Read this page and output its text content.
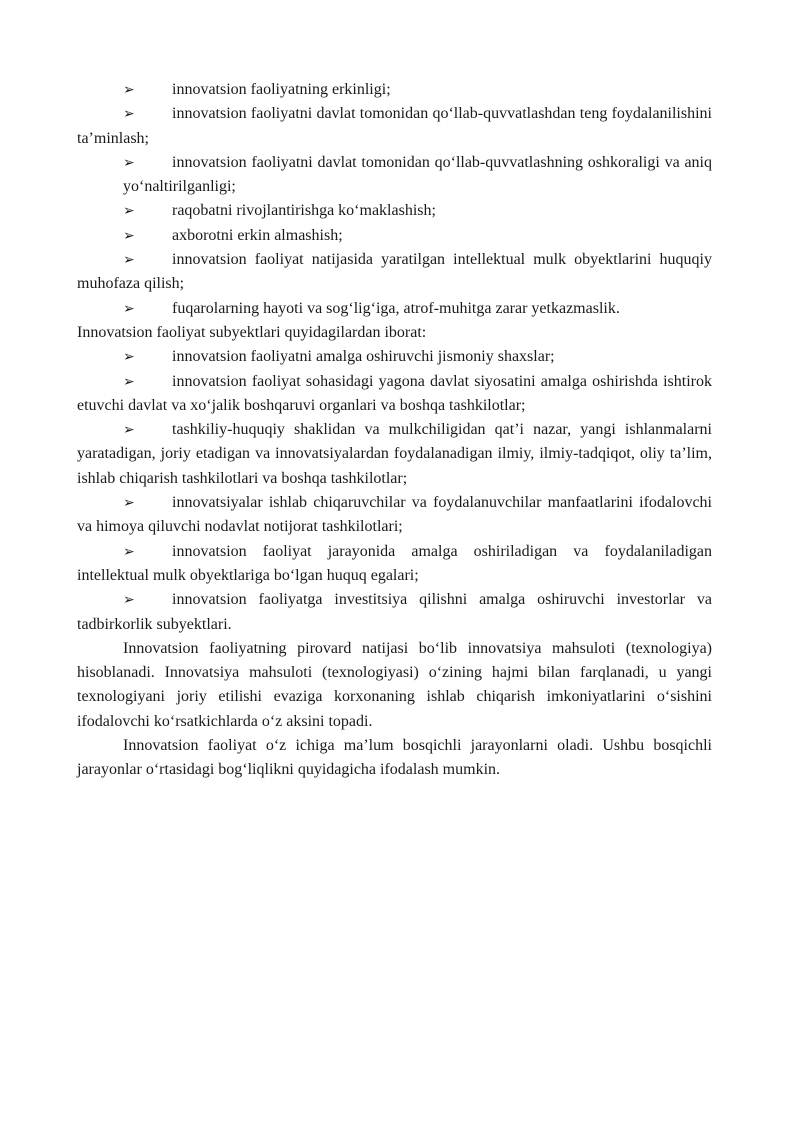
➢ innovatsion faoliyatning erkinligi;

➢ innovatsion faoliyatni davlat tomonidan qo‘llab-quvvatlashdan teng foydalanilishini ta’minlash;

➢ innovatsion faoliyatni davlat tomonidan qo‘llab-quvvatlashning oshkoraligi va aniq yo‘naltirilganligi;

➢ raqobatni rivojlantirishga ko‘maklashish;

➢ axborotni erkin almashish;

➢ innovatsion faoliyat natijasida yaratilgan intellektual mulk obyektlarini huquqiy muhofaza qilish;

➢ fuqarolarning hayoti va sog‘lig‘iga, atrof-muhitga zarar yetkazmaslik.

Innovatsion faoliyat subyektlari quyidagilardan iborat:

➢ innovatsion faoliyatni amalga oshiruvchi jismoniy shaxslar;

➢ innovatsion faoliyat sohasidagi yagona davlat siyosatini amalga oshirishda ishtirok etuvchi davlat va xo‘jalik boshqaruvi organlari va boshqa tashkilotlar;

➢ tashkiliy-huquqiy shaklidan va mulkchiligidan qat’i nazar, yangi ishlanmalarni yaratadigan, joriy etadigan va innovatsiyalardan foydalanadigan ilmiy, ilmiy-tadqiqot, oliy ta’lim, ishlab chiqarish tashkilotlari va boshqa tashkilotlar;

➢ innovatsiyalar ishlab chiqaruvchilar va foydalanuvchilar manfaatlarini ifodalovchi va himoya qiluvchi nodavlat notijorat tashkilotlari;

➢ innovatsion faoliyat jarayonida amalga oshiriladigan va foydalaniladigan intellektual mulk obyektlariga bo‘lgan huquq egalari;

➢ innovatsion faoliyatga investitsiya qilishni amalga oshiruvchi investorlar va tadbirkorlik subyektlari.

Innovatsion faoliyatning pirovard natijasi bo‘lib innovatsiya mahsuloti (texnologiya) hisoblanadi. Innovatsiya mahsuloti (texnologiyasi) o‘zining hajmi bilan farqlanadi, u yangi texnologiyani joriy etilishi evaziga korxonaning ishlab chiqarish imkoniyatlarini o‘sishini ifodalovchi ko‘rsatkichlarda o‘z aksini topadi.

Innovatsion faoliyat o‘z ichiga ma’lum bosqichli jarayonlarni oladi. Ushbu bosqichli jarayonlar o‘rtasidagi bog‘liqlikni quyidagicha ifodalash mumkin.
